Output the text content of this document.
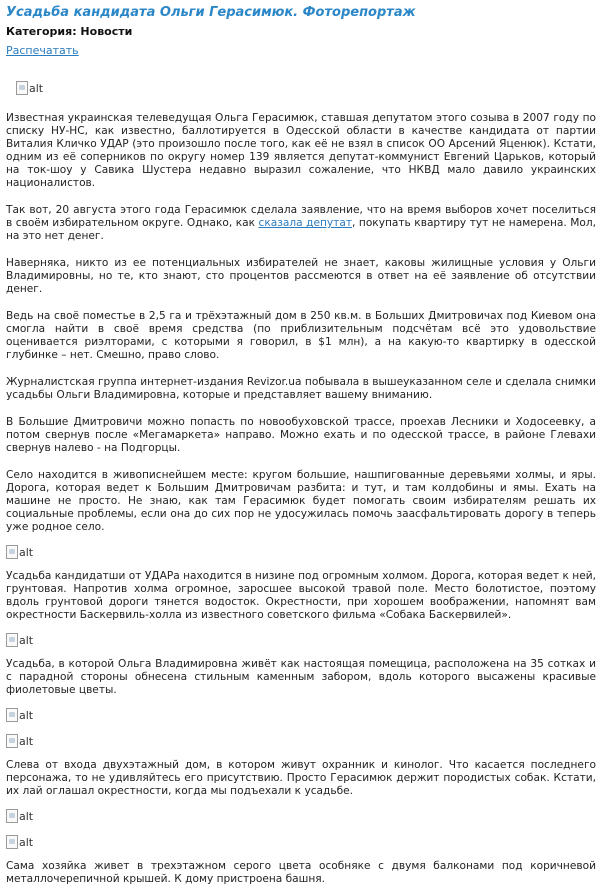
Усадьба кандидата Ольги Герасимюк. Фоторепортаж
Категория: Новости
Распечатать
alt

Известная украинская телеведущая Ольга Герасимюк, ставшая депутатом этого созыва в 2007 году по списку НУ-НС, как известно, баллотируется в Одесской области в качестве кандидата от партии Виталия Кличко УДАР (это произошло после того, как её не взял в список ОО Арсений Яценюк). Кстати, одним из её соперников по округу номер 139 является депутат-коммунист Евгений Царьков, который на ток-шоу у Савика Шустера недавно выразил сожаление, что НКВД мало давило украинских националистов.

Так вот, 20 августа этого года Герасимюк сделала заявление, что на время выборов хочет поселиться в своём избирательном округе. Однако, как сказала депутат, покупать квартиру тут не намерена. Мол, на это нет денег.

Наверняка, никто из ее потенциальных избирателей не знает, каковы жилищные условия у Ольги Владимировны, но те, кто знают, сто процентов рассмеются в ответ на её заявление об отсутствии денег.

Ведь на своё поместье в 2,5 га и трёхэтажный дом в 250 кв.м. в Больших Дмитровичах под Киевом она смогла найти в своё время средства (по приблизительным подсчётам всё это удовольствие оценивается риэлторами, с которыми я говорил, в $1 млн), а на какую-то квартирку в одесской глубинке – нет. Смешно, право слово.

Журналистская группа интернет-издания Revizor.ua побывала в вышеуказанном селе и сделала снимки усадьбы Ольги Владимировна, которые и представляет вашему вниманию.

В Большие Дмитровичи можно попасть по новообуховской трассе, проехав Лесники и Ходосеевку, а потом свернув после «Мегамаркета» направо. Можно ехать и по одесской трассе, в районе Глевахи свернув налево - на Подгорцы.

Село находится в живописнейшем месте: кругом большие, нашпигованные деревьями холмы, и яры. Дорога, которая ведет к Большим Дмитровичам разбита: и тут, и там колдобины и ямы. Ехать на машине не просто. Не знаю, как там Герасимюк будет помогать своим избирателям решать их социальные проблемы, если она до сих пор не удосужилась помочь заасфальтировать дорогу в теперь уже родное село.

alt

Усадьба кандидатши от УДАРа находится в низине под огромным холмом. Дорога, которая ведет к ней, грунтовая. Напротив холма огромное, заросшее высокой травой поле. Место болотистое, поэтому вдоль грунтовой дороги тянется водосток. Окрестности, при хорошем воображении, напомнят вам окрестности Баскервиль-холла из известного советского фильма «Собака Баскервилей».

alt

Усадьба, в которой Ольга Владимировна живёт как настоящая помещица, расположена на 35 сотках и с парадной стороны обнесена стильным каменным забором, вдоль которого высажены красивые фиолетовые цветы.

alt
alt

Слева от входа двухэтажный дом, в котором живут охранник и кинолог. Что касается последнего персонажа, то не удивляйтесь его присутствию. Просто Герасимюк держит породистых собак. Кстати, их лай оглашал окрестности, когда мы подъехали к усадьбе.

alt
alt

Сама хозяйка живет в трехэтажном серого цвета особняке с двумя балконами под коричневой металлочерепичной крышей. К дому пристроена башня.
